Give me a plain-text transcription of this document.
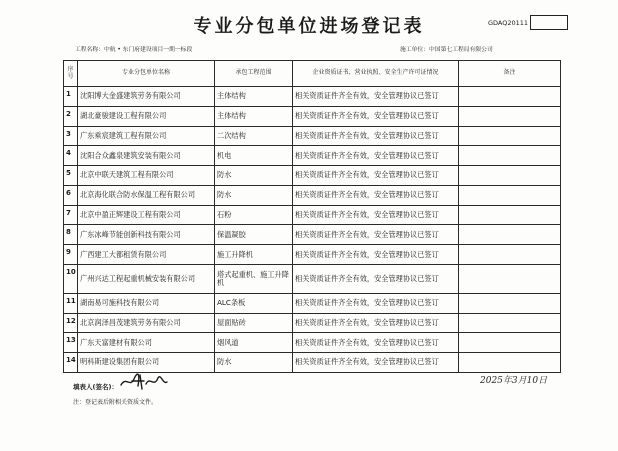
专业分包单位进场登记表	GDAQ20111
工程名称：中航 • 东门府建设项目一期一标段	施工单位：中国第七工程局有限公司
序号	专业分包单位名称	承包工程范围	企业资质证书、营业执照、安全生产许可证情况	备注
1	沈阳博大金盛建筑劳务有限公司	主体结构	相关资质证件齐全有效，安全管理协议已签订	
2	湖北豪骏建设工程有限公司	主体结构	相关资质证件齐全有效，安全管理协议已签订	
3	广东乘宸建筑工程有限公司	二次结构	相关资质证件齐全有效，安全管理协议已签订	
4	沈阳合众鑫泉建筑安装有限公司	机电	相关资质证件齐全有效，安全管理协议已签订	
5	北京中联天建筑工程有限公司	防水	相关资质证件齐全有效，安全管理协议已签订	
6	北京海化联合防水保温工程有限公司	防水	相关资质证件齐全有效，安全管理协议已签订	
7	北京中盈正辉建设工程有限公司	石粉	相关资质证件齐全有效，安全管理协议已签订	
8	广东冰峰节能创新科技有限公司	保温凝胶	相关资质证件齐全有效，安全管理协议已签订	
9	广西建工大都租赁有限公司	施工升降机	相关资质证件齐全有效，安全管理协议已签订	
10	广州兴达工程起重机械安装有限公司	塔式起重机、施工升降机	相关资质证件齐全有效，安全管理协议已签订	
11	湖南易可施科技有限公司	ALC条板	相关资质证件齐全有效，安全管理协议已签订	
12	北京润泽昌茂建筑劳务有限公司	屋面贴砖	相关资质证件齐全有效，安全管理协议已签订	
13	广东天富建材有限公司	烟风道	相关资质证件齐全有效，安全管理协议已签订	
14	明科斯建设集团有限公司	防水	相关资质证件齐全有效，安全管理协议已签订	
填表人(签名)：
2025年3月10日
注：登记表后附相关资质文件。
